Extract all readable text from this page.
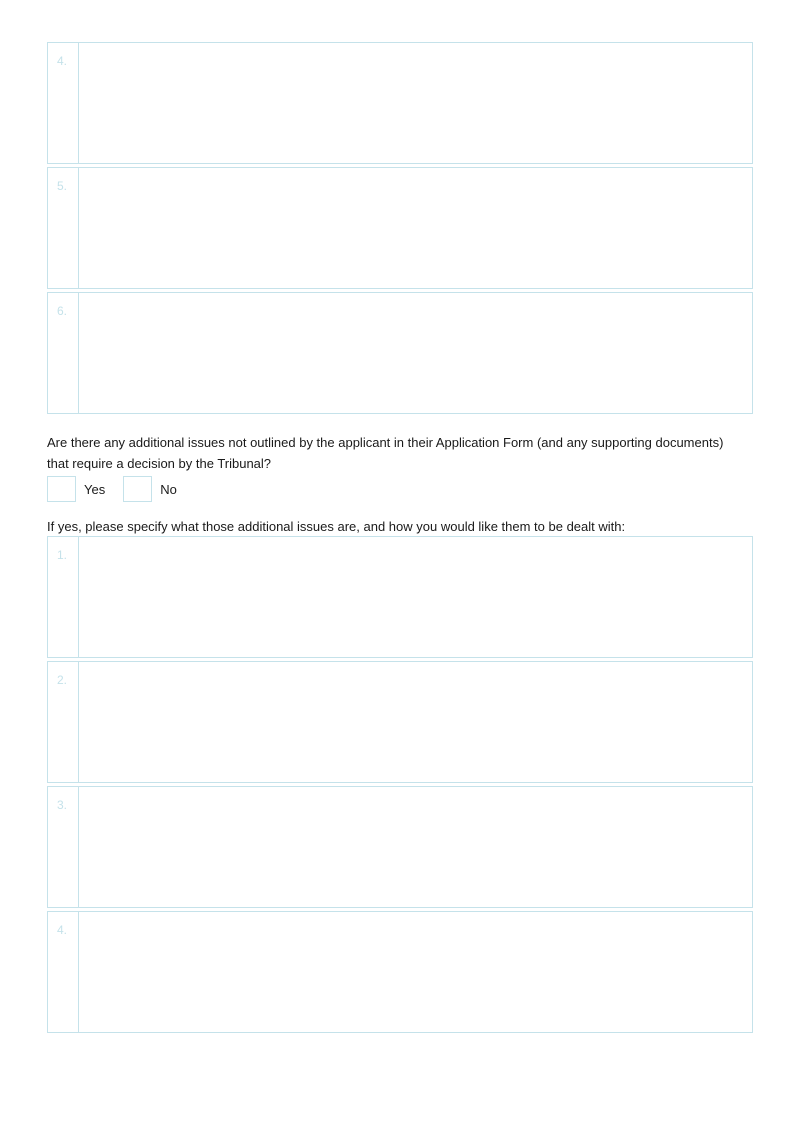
4.
5.
6.
Are there any additional issues not outlined by the applicant in their Application Form (and any supporting documents)
that require a decision by the Tribunal?
Yes	No
If yes, please specify what those additional issues are, and how you would like them to be dealt with:
1.
2.
3.
4.
